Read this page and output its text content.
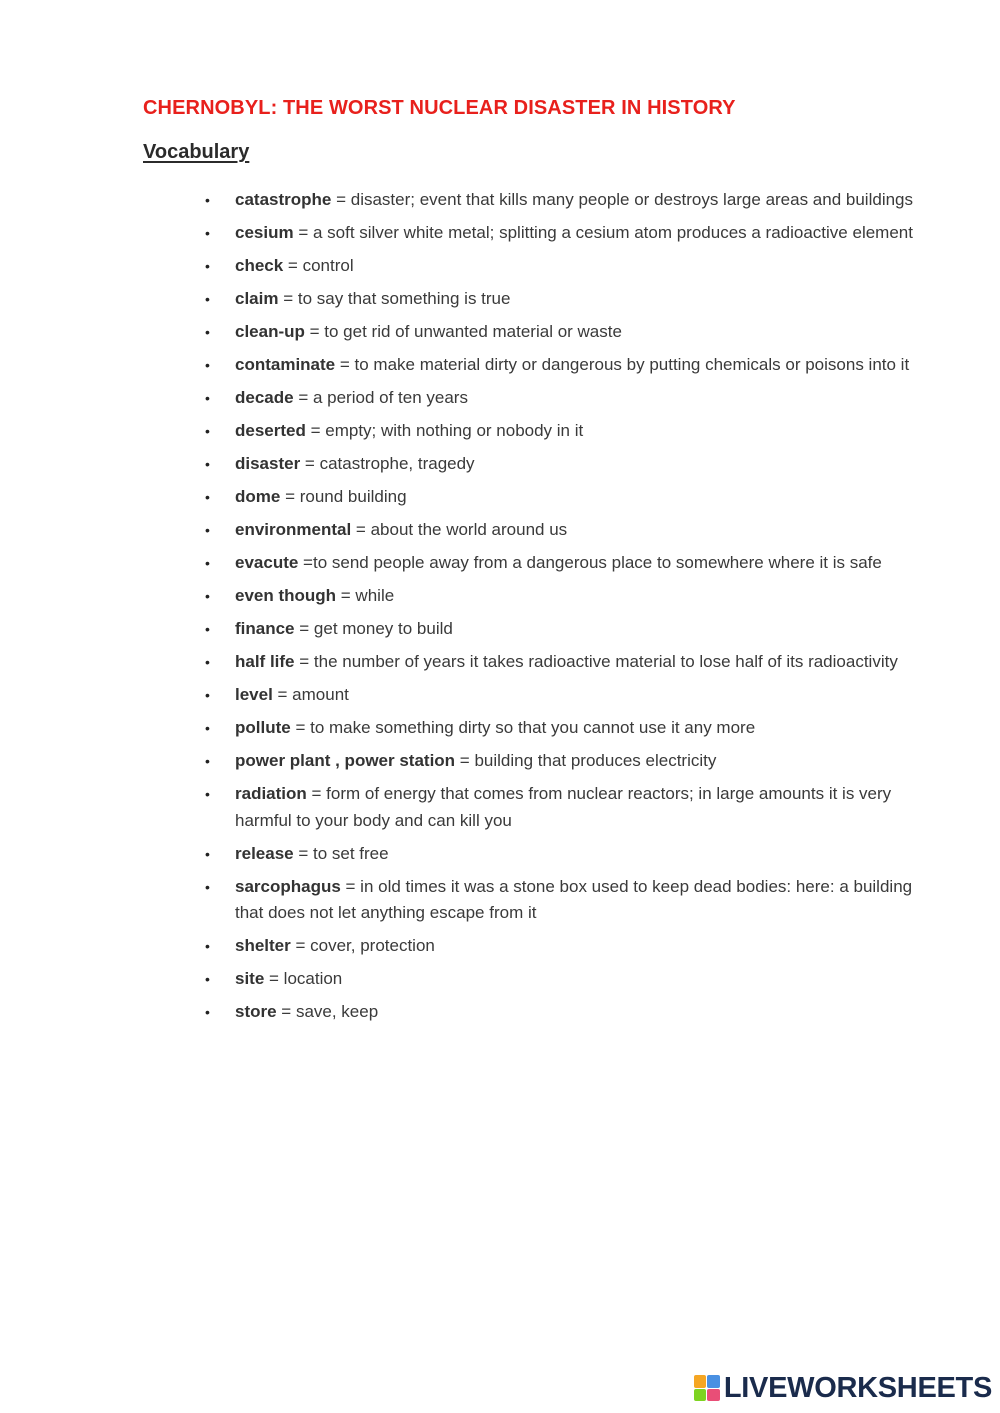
CHERNOBYL: THE WORST NUCLEAR DISASTER IN HISTORY
Vocabulary
• catastrophe = disaster; event that kills many people or destroys large areas and buildings
• cesium = a soft silver white metal; splitting a cesium atom produces a radioactive element
• check = control
• claim = to say that something is true
• clean-up = to get rid of unwanted material or waste
• contaminate = to make material dirty or dangerous by putting chemicals or poisons into it
• decade = a period of ten years
• deserted = empty; with nothing or nobody in it
• disaster = catastrophe, tragedy
• dome = round building
• environmental = about the world around us
• evacute =to send people away from a dangerous place to somewhere where it is safe
• even though = while
• finance = get money to build
• half life = the number of years it takes radioactive material to lose half of its radioactivity
• level = amount
• pollute = to make something dirty so that you cannot use it any more
• power plant , power station = building that produces electricity
• radiation = form of energy that comes from nuclear reactors; in large amounts it is very harmful to your body and can kill you
• release = to set free
• sarcophagus = in old times it was a stone box used to keep dead bodies: here: a building that does not let anything escape from it
• shelter = cover, protection
• site = location
• store = save, keep
LIVEWORKSHEETS
